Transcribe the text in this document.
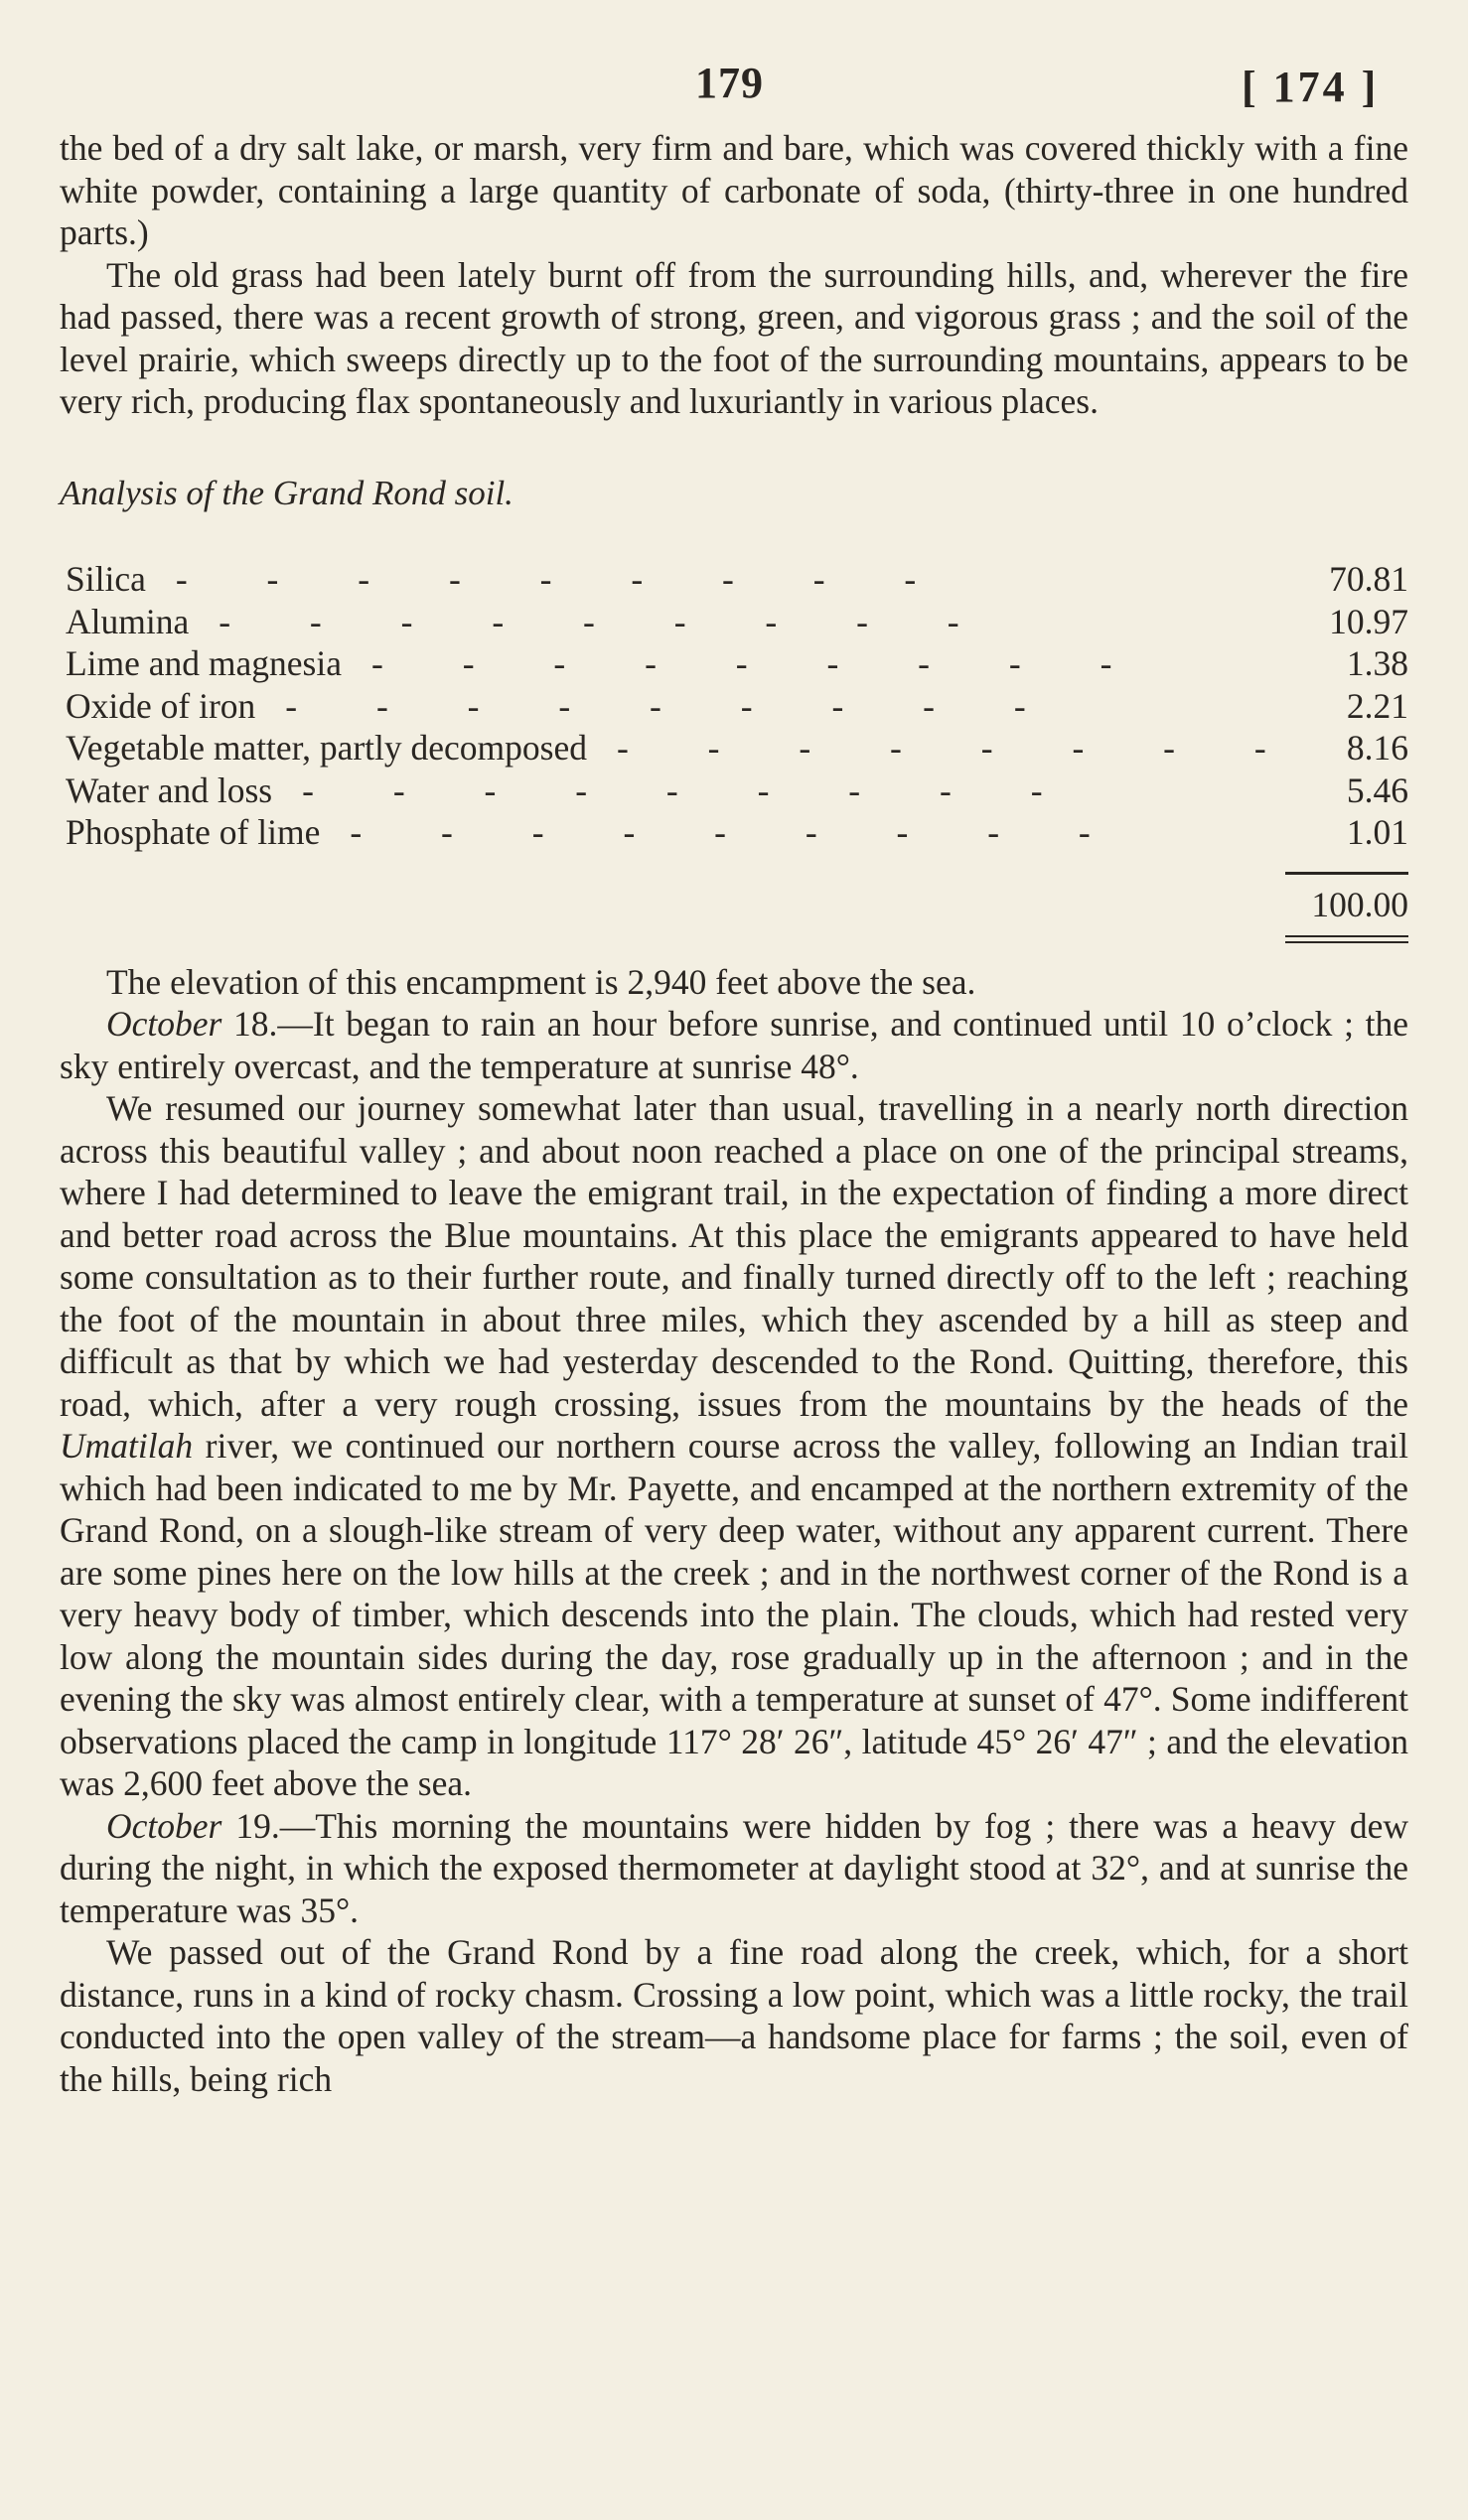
179	[ 174 ]

the bed of a dry salt lake, or marsh, very firm and bare, which was covered thickly with a fine white powder, containing a large quantity of carbonate of soda, (thirty-three in one hundred parts.)

The old grass had been lately burnt off from the surrounding hills, and, wherever the fire had passed, there was a recent growth of strong, green, and vigorous grass ; and the soil of the level prairie, which sweeps directly up to the foot of the surrounding mountains, appears to be very rich, producing flax spontaneously and luxuriantly in various places.

Analysis of the Grand Rond soil.

Silica -	70.81
Alumina -	10.97
Lime and magnesia -	1.38
Oxide of iron -	2.21
Vegetable matter, partly decomposed -	8.16
Water and loss -	5.46
Phosphate of lime -	1.01
100.00

The elevation of this encampment is 2,940 feet above the sea.

October 18.—It began to rain an hour before sunrise, and continued until 10 o’clock ; the sky entirely overcast, and the temperature at sunrise 48°.

We resumed our journey somewhat later than usual, travelling in a nearly north direction across this beautiful valley ; and about noon reached a place on one of the principal streams, where I had determined to leave the emigrant trail, in the expectation of finding a more direct and better road across the Blue mountains. At this place the emigrants appeared to have held some consultation as to their further route, and finally turned directly off to the left ; reaching the foot of the mountain in about three miles, which they ascended by a hill as steep and difficult as that by which we had yesterday descended to the Rond. Quitting, therefore, this road, which, after a very rough crossing, issues from the mountains by the heads of the Umatilah river, we continued our northern course across the valley, following an Indian trail which had been indicated to me by Mr. Payette, and encamped at the northern extremity of the Grand Rond, on a slough-like stream of very deep water, without any apparent current. There are some pines here on the low hills at the creek ; and in the northwest corner of the Rond is a very heavy body of timber, which descends into the plain. The clouds, which had rested very low along the mountain sides during the day, rose gradually up in the afternoon ; and in the evening the sky was almost entirely clear, with a temperature at sunset of 47°. Some indifferent observations placed the camp in longitude 117° 28′ 26″, latitude 45° 26′ 47″ ; and the elevation was 2,600 feet above the sea.

October 19.—This morning the mountains were hidden by fog ; there was a heavy dew during the night, in which the exposed thermometer at daylight stood at 32°, and at sunrise the temperature was 35°.

We passed out of the Grand Rond by a fine road along the creek, which, for a short distance, runs in a kind of rocky chasm. Crossing a low point, which was a little rocky, the trail conducted into the open valley of the stream—a handsome place for farms ; the soil, even of the hills, being rich
